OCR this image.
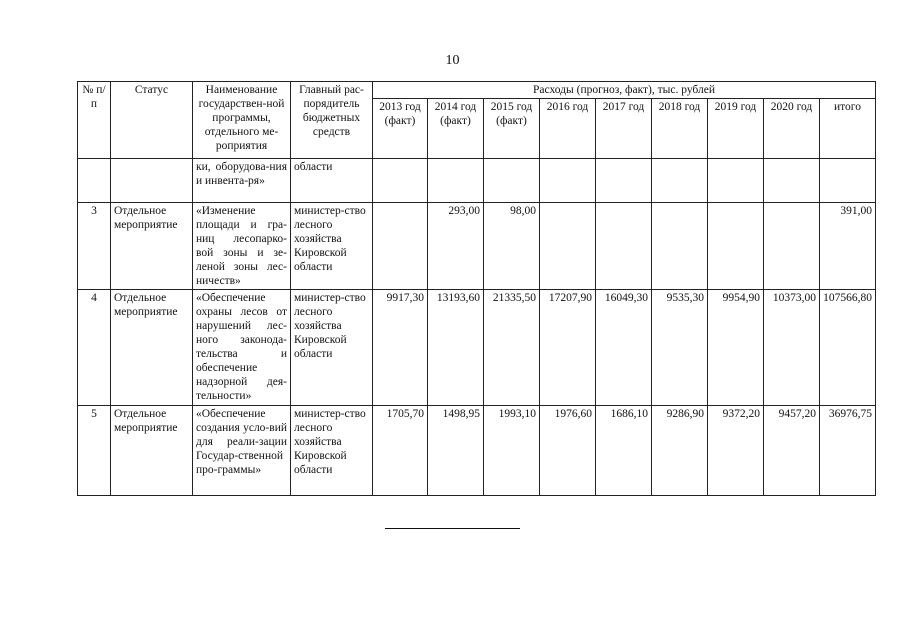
10
№ п/п	Статус	Наименование государствен-ной программы, отдельного ме-роприятия	Главный рас-порядитель бюджетных средств	Расходы (прогноз, факт), тыс. рублей								
				2013 год (факт)	2014 год (факт)	2015 год (факт)	2016 год	2017 год	2018 год	2019 год	2020 год	итого
		ки, оборудова-ния и инвента-ря»	области									
3	Отдельное мероприятие	«Изменение площади и гра-ниц лесопарко-вой зоны и зе-леной зоны лес-ничеств»	министер-ство лесного хозяйства Кировской области		293,00	98,00						391,00
4	Отдельное мероприятие	«Обеспечение охраны лесов от нарушений лес-ного законода-тельства и обеспечение надзорной дея-тельности»	министер-ство лесного хозяйства Кировской области	9917,30	13193,60	21335,50	17207,90	16049,30	9535,30	9954,90	10373,00	107566,80
5	Отдельное мероприятие	«Обеспечение создания усло-вий для реали-зации Государ-ственной про-граммы»	министер-ство лесного хозяйства Кировской области	1705,70	1498,95	1993,10	1976,60	1686,10	9286,90	9372,20	9457,20	36976,75
